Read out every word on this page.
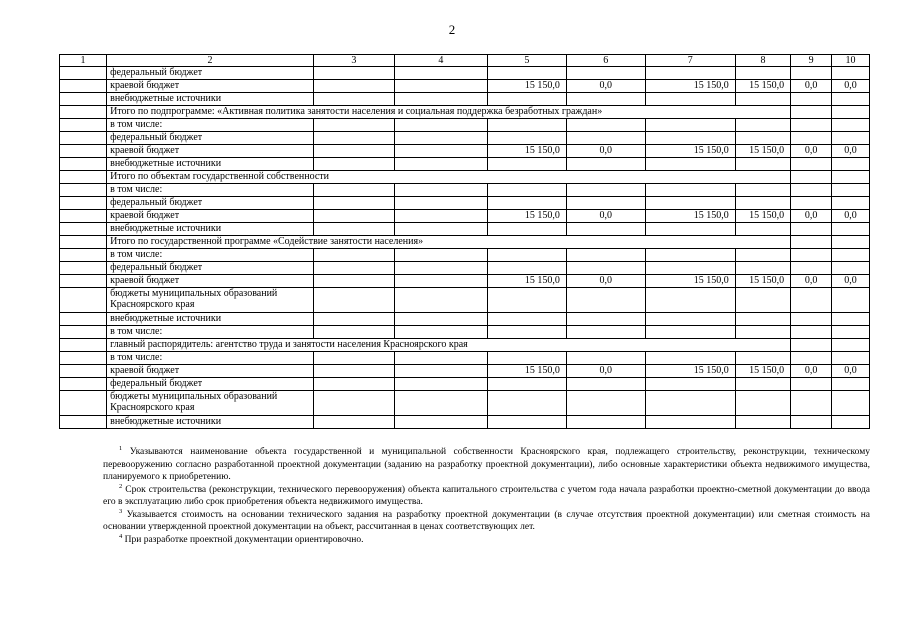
2
1	2	3	4	5	6	7	8	9	10
	федеральный бюджет								
	краевой бюджет			15 150,0	0,0	15 150,0	15 150,0	0,0	0,0
	внебюджетные источники								
	Итого по подпрограмме: «Активная политика занятости населения и социальная поддержка безработных граждан»								
	в том числе:								
	федеральный бюджет								
	краевой бюджет			15 150,0	0,0	15 150,0	15 150,0	0,0	0,0
	внебюджетные источники								
	Итого по объектам государственной собственности								
	в том числе:								
	федеральный бюджет								
	краевой бюджет			15 150,0	0,0	15 150,0	15 150,0	0,0	0,0
	внебюджетные источники								
	Итого по государственной программе «Содействие занятости населения»								
	в том числе:								
	федеральный бюджет								
	краевой бюджет			15 150,0	0,0	15 150,0	15 150,0	0,0	0,0
	бюджеты муниципальных образований Красноярского края								
	внебюджетные источники								
	в том числе:								
	главный распорядитель: агентство труда и занятости населения Красноярского края								
	в том числе:								
	краевой бюджет			15 150,0	0,0	15 150,0	15 150,0	0,0	0,0
	федеральный бюджет								
	бюджеты муниципальных образований Красноярского края								
	внебюджетные источники								

$^1$ Указываются наименование объекта государственной и муниципальной собственности Красноярского края, подлежащего строительству, реконструкции, техническому перевооружению согласно разработанной проектной документации (заданию на разработку проектной документации), либо основные характеристики объекта недвижимого имущества, планируемого к приобретению.

$^2$ Срок строительства (реконструкции, технического перевооружения) объекта капитального строительства с учетом года начала разработки проектно-сметной документации до ввода его в эксплуатацию либо срок приобретения объекта недвижимого имущества.

$^3$ Указывается стоимость на основании технического задания на разработку проектной документации (в случае отсутствия проектной документации) или сметная стоимость на основании утвержденной проектной документации на объект, рассчитанная в ценах соответствующих лет.

$^4$ При разработке проектной документации ориентировочно.
